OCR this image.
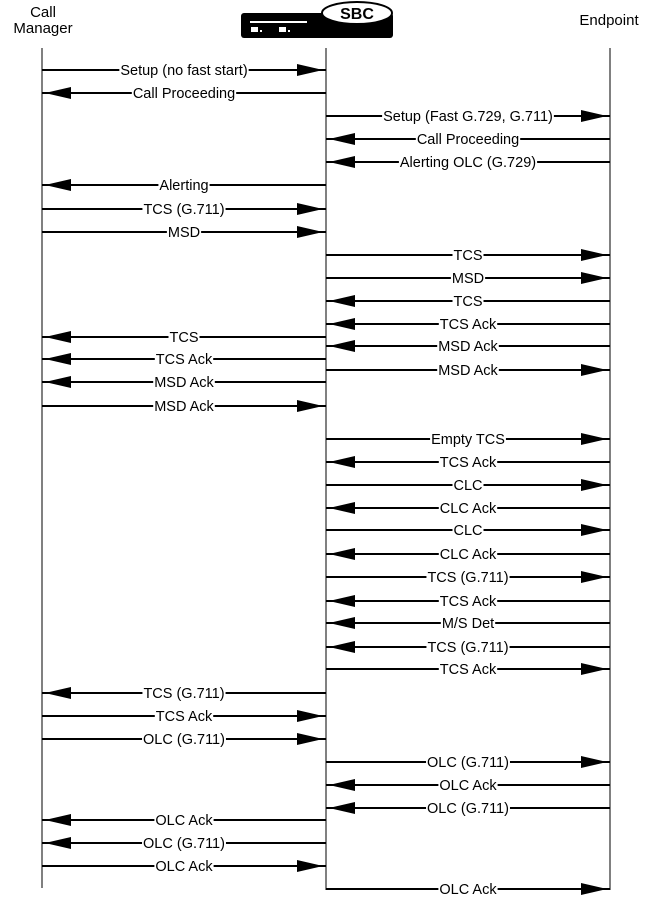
Call
Manager	Endpoint
SBC
Setup (no fast start)
Call Proceeding
Setup (Fast G.729, G.711)
Call Proceeding
Alerting OLC (G.729)
Alerting
TCS (G.711)
MSD
TCS
MSD
TCS
TCS Ack
TCS
MSD Ack
TCS Ack
MSD Ack
MSD Ack
MSD Ack
Empty TCS
TCS Ack
CLC
CLC Ack
CLC
CLC Ack
TCS (G.711)
TCS Ack
M/S Det
TCS (G.711)
TCS Ack
TCS (G.711)
TCS Ack
OLC (G.711)
OLC (G.711)
OLC Ack
OLC (G.711)
OLC Ack
OLC (G.711)
OLC Ack
OLC Ack
